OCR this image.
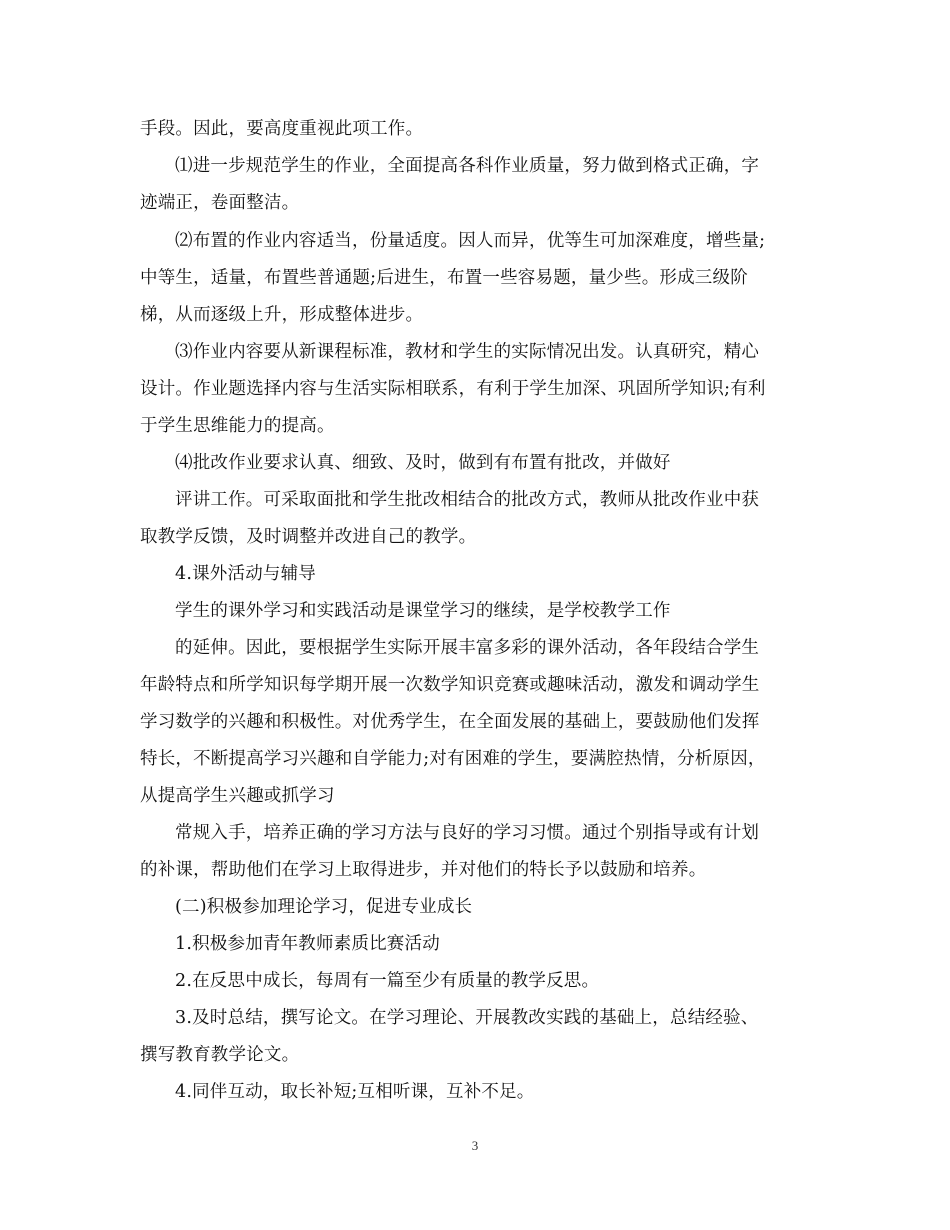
手段。因此，要高度重视此项工作。
⑴进一步规范学生的作业，全面提高各科作业质量，努力做到格式正确，字
迹端正，卷面整洁。
⑵布置的作业内容适当，份量适度。因人而异，优等生可加深难度，增些量;
中等生，适量，布置些普通题;后进生，布置一些容易题，量少些。形成三级阶
梯，从而逐级上升，形成整体进步。
⑶作业内容要从新课程标准，教材和学生的实际情况出发。认真研究，精心
设计。作业题选择内容与生活实际相联系，有利于学生加深、巩固所学知识;有利
于学生思维能力的提高。
⑷批改作业要求认真、细致、及时，做到有布置有批改，并做好
评讲工作。可采取面批和学生批改相结合的批改方式，教师从批改作业中获
取教学反馈，及时调整并改进自己的教学。
4.课外活动与辅导
学生的课外学习和实践活动是课堂学习的继续，是学校教学工作
的延伸。因此，要根据学生实际开展丰富多彩的课外活动，各年段结合学生
年龄特点和所学知识每学期开展一次数学知识竞赛或趣味活动，激发和调动学生
学习数学的兴趣和积极性。对优秀学生，在全面发展的基础上，要鼓励他们发挥
特长，不断提高学习兴趣和自学能力;对有困难的学生，要满腔热情，分析原因，
从提高学生兴趣或抓学习
常规入手，培养正确的学习方法与良好的学习习惯。通过个别指导或有计划
的补课，帮助他们在学习上取得进步，并对他们的特长予以鼓励和培养。
(二)积极参加理论学习，促进专业成长
1.积极参加青年教师素质比赛活动
2.在反思中成长，每周有一篇至少有质量的教学反思。
3.及时总结，撰写论文。在学习理论、开展教改实践的基础上，总结经验、
撰写教育教学论文。
4.同伴互动，取长补短;互相听课，互补不足。
3
